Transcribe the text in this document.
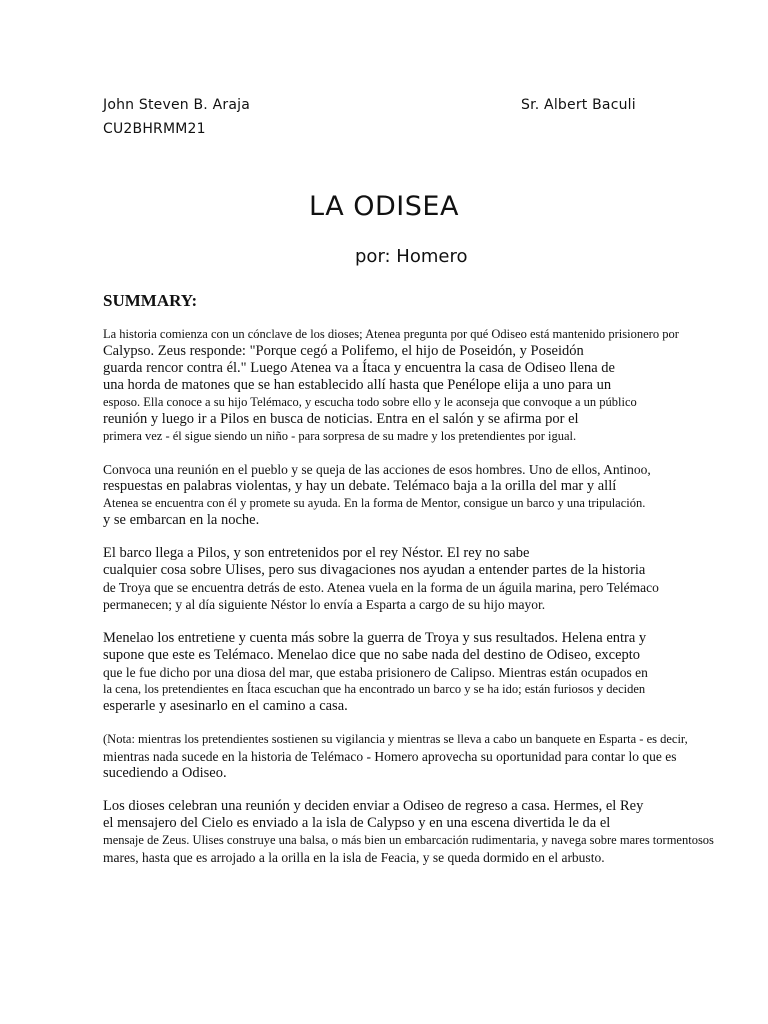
John Steven B. Araja	Sr. Albert Baculi
CU2BHRMM21
LA ODISEA
por: Homero
SUMMARY:
La historia comienza con un cónclave de los dioses; Atenea pregunta por qué Odiseo está mantenido prisionero por
Calypso. Zeus responde: "Porque cegó a Polifemo, el hijo de Poseidón, y Poseidón
guarda rencor contra él." Luego Atenea va a Ítaca y encuentra la casa de Odiseo llena de
una horda de matones que se han establecido allí hasta que Penélope elija a uno para un
esposo. Ella conoce a su hijo Telémaco, y escucha todo sobre ello y le aconseja que convoque a un público
reunión y luego ir a Pilos en busca de noticias. Entra en el salón y se afirma por el
primera vez - él sigue siendo un niño - para sorpresa de su madre y los pretendientes por igual.
Convoca una reunión en el pueblo y se queja de las acciones de esos hombres. Uno de ellos, Antinoo,
respuestas en palabras violentas, y hay un debate. Telémaco baja a la orilla del mar y allí
Atenea se encuentra con él y promete su ayuda. En la forma de Mentor, consigue un barco y una tripulación.
y se embarcan en la noche.
El barco llega a Pilos, y son entretenidos por el rey Néstor. El rey no sabe
cualquier cosa sobre Ulises, pero sus divagaciones nos ayudan a entender partes de la historia
de Troya que se encuentra detrás de esto. Atenea vuela en la forma de un águila marina, pero Telémaco
permanecen; y al día siguiente Néstor lo envía a Esparta a cargo de su hijo mayor.
Menelao los entretiene y cuenta más sobre la guerra de Troya y sus resultados. Helena entra y
supone que este es Telémaco. Menelao dice que no sabe nada del destino de Odiseo, excepto
que le fue dicho por una diosa del mar, que estaba prisionero de Calipso. Mientras están ocupados en
la cena, los pretendientes en Ítaca escuchan que ha encontrado un barco y se ha ido; están furiosos y deciden
esperarle y asesinarlo en el camino a casa.
(Nota: mientras los pretendientes sostienen su vigilancia y mientras se lleva a cabo un banquete en Esparta - es decir,
mientras nada sucede en la historia de Telémaco - Homero aprovecha su oportunidad para contar lo que es
sucediendo a Odiseo.
Los dioses celebran una reunión y deciden enviar a Odiseo de regreso a casa. Hermes, el Rey
el mensajero del Cielo es enviado a la isla de Calypso y en una escena divertida le da el
mensaje de Zeus. Ulises construye una balsa, o más bien un embarcación rudimentaria, y navega sobre mares tormentosos
mares, hasta que es arrojado a la orilla en la isla de Feacia, y se queda dormido en el arbusto.
